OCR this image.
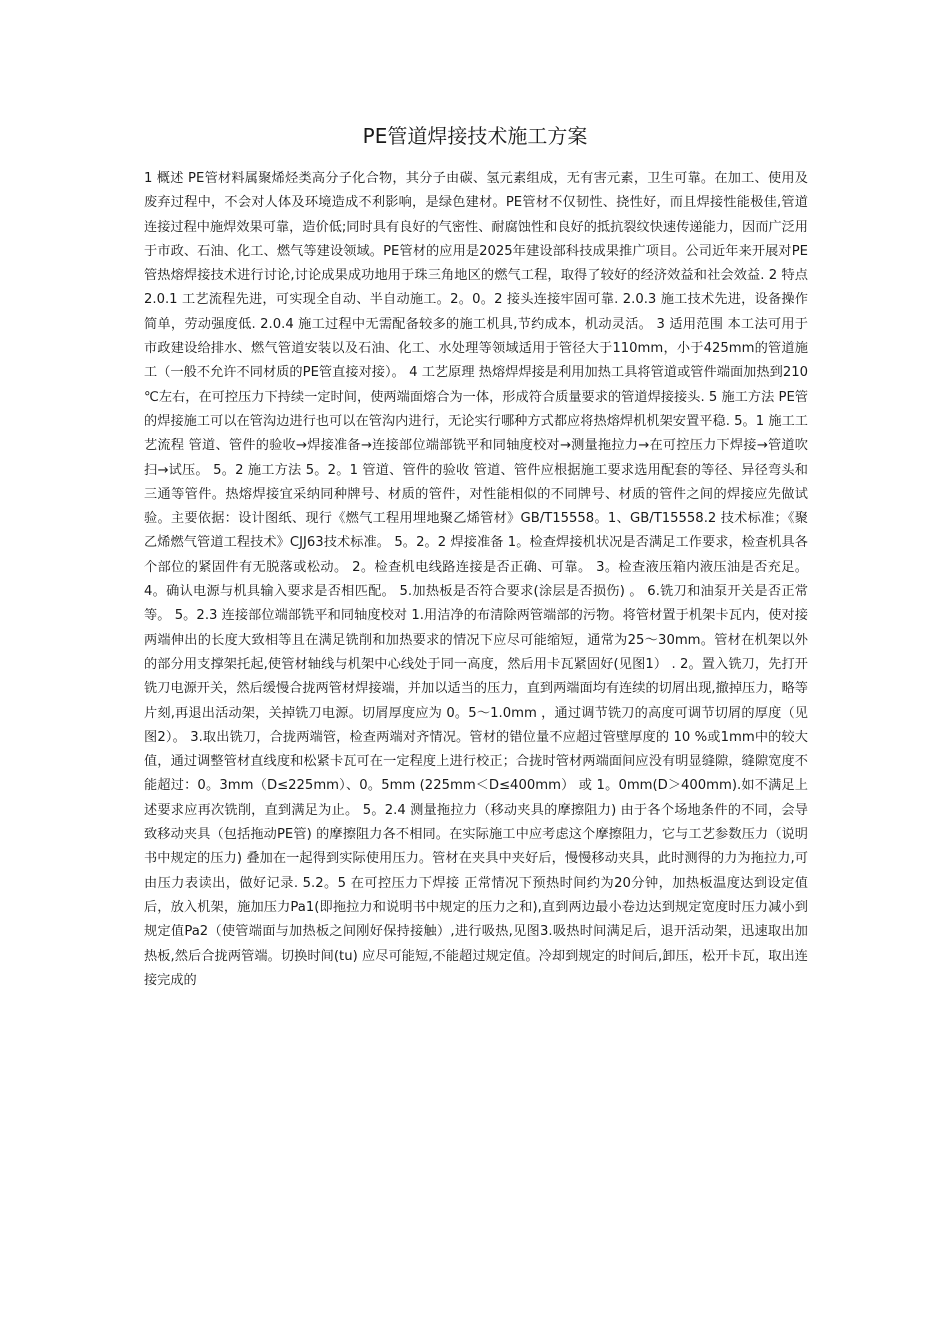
PE管道焊接技术施工方案

1 概述 PE管材料属聚烯烃类高分子化合物，其分子由碳、氢元素组成，无有害元素，卫生可靠。在加工、使用及废弃过程中，不会对人体及环境造成不利影响，是绿色建材。PE管材不仅韧性、挠性好，而且焊接性能极佳,管道连接过程中施焊效果可靠，造价低;同时具有良好的气密性、耐腐蚀性和良好的抵抗裂纹快速传递能力，因而广泛用于市政、石油、化工、燃气等建设领域。PE管材的应用是2025年建设部科技成果推广项目。公司近年来开展对PE管热熔焊接技术进行讨论,讨论成果成功地用于珠三角地区的燃气工程，取得了较好的经济效益和社会效益. 2 特点 2.0.1 工艺流程先进，可实现全自动、半自动施工。2。0。2 接头连接牢固可靠. 2.0.3 施工技术先进，设备操作简单，劳动强度低. 2.0.4 施工过程中无需配备较多的施工机具,节约成本，机动灵活。 3 适用范围 本工法可用于市政建设给排水、燃气管道安装以及石油、化工、水处理等领域适用于管径大于110mm，小于425mm的管道施工（一般不允许不同材质的PE管直接对接）。 4 工艺原理 热熔焊焊接是利用加热工具将管道或管件端面加热到210 ℃左右，在可控压力下持续一定时间，使两端面熔合为一体，形成符合质量要求的管道焊接接头. 5 施工方法 PE管的焊接施工可以在管沟边进行也可以在管沟内进行，无论实行哪种方式都应将热熔焊机机架安置平稳. 5。1 施工工艺流程 管道、管件的验收→焊接准备→连接部位端部铣平和同轴度校对→测量拖拉力→在可控压力下焊接→管道吹扫→试压。 5。2 施工方法 5。2。1 管道、管件的验收 管道、管件应根据施工要求选用配套的等径、异径弯头和三通等管件。热熔焊接宜采纳同种牌号、材质的管件，对性能相似的不同牌号、材质的管件之间的焊接应先做试验。主要依据：设计图纸、现行《燃气工程用埋地聚乙烯管材》GB/T15558。1、GB/T15558.2 技术标准；《聚乙烯燃气管道工程技术》CJJ63技术标准。 5。2。2 焊接准备 1。检查焊接机状况是否满足工作要求，检查机具各个部位的紧固件有无脱落或松动。 2。检查机电线路连接是否正确、可靠。 3。检查液压箱内液压油是否充足。 4。确认电源与机具输入要求是否相匹配。 5.加热板是否符合要求(涂层是否损伤) 。 6.铣刀和油泵开关是否正常等。 5。2.3 连接部位端部铣平和同轴度校对 1.用洁净的布清除两管端部的污物。将管材置于机架卡瓦内，使对接两端伸出的长度大致相等且在满足铣削和加热要求的情况下应尽可能缩短，通常为25～30mm。管材在机架以外的部分用支撑架托起,使管材轴线与机架中心线处于同一高度，然后用卡瓦紧固好(见图1） . 2。置入铣刀，先打开铣刀电源开关，然后缓慢合拢两管材焊接端，并加以适当的压力，直到两端面均有连续的切屑出现,撤掉压力，略等片刻,再退出活动架，关掉铣刀电源。切屑厚度应为 0。5～1.0mm ，通过调节铣刀的高度可调节切屑的厚度（见图2）。 3.取出铣刀，合拢两端管，检查两端对齐情况。管材的错位量不应超过管壁厚度的 10 %或1mm中的较大值，通过调整管材直线度和松紧卡瓦可在一定程度上进行校正；合拢时管材两端面间应没有明显缝隙，缝隙宽度不能超过：0。3mm（D≤225mm）、0。5mm (225mm＜D≤400mm） 或 1。0mm(D＞400mm).如不满足上述要求应再次铣削，直到满足为止。 5。2.4 测量拖拉力（移动夹具的摩擦阻力) 由于各个场地条件的不同，会导致移动夹具（包括拖动PE管) 的摩擦阻力各不相同。在实际施工中应考虑这个摩擦阻力，它与工艺参数压力（说明书中规定的压力) 叠加在一起得到实际使用压力。管材在夹具中夹好后，慢慢移动夹具，此时测得的力为拖拉力,可由压力表读出，做好记录. 5.2。5 在可控压力下焊接 正常情况下预热时间约为20分钟，加热板温度达到设定值后，放入机架，施加压力Pa1(即拖拉力和说明书中规定的压力之和),直到两边最小卷边达到规定宽度时压力减小到规定值Pa2（使管端面与加热板之间刚好保持接触）,进行吸热,见图3.吸热时间满足后，退开活动架，迅速取出加热板,然后合拢两管端。切换时间(tu) 应尽可能短,不能超过规定值。冷却到规定的时间后,卸压，松开卡瓦，取出连接完成的
